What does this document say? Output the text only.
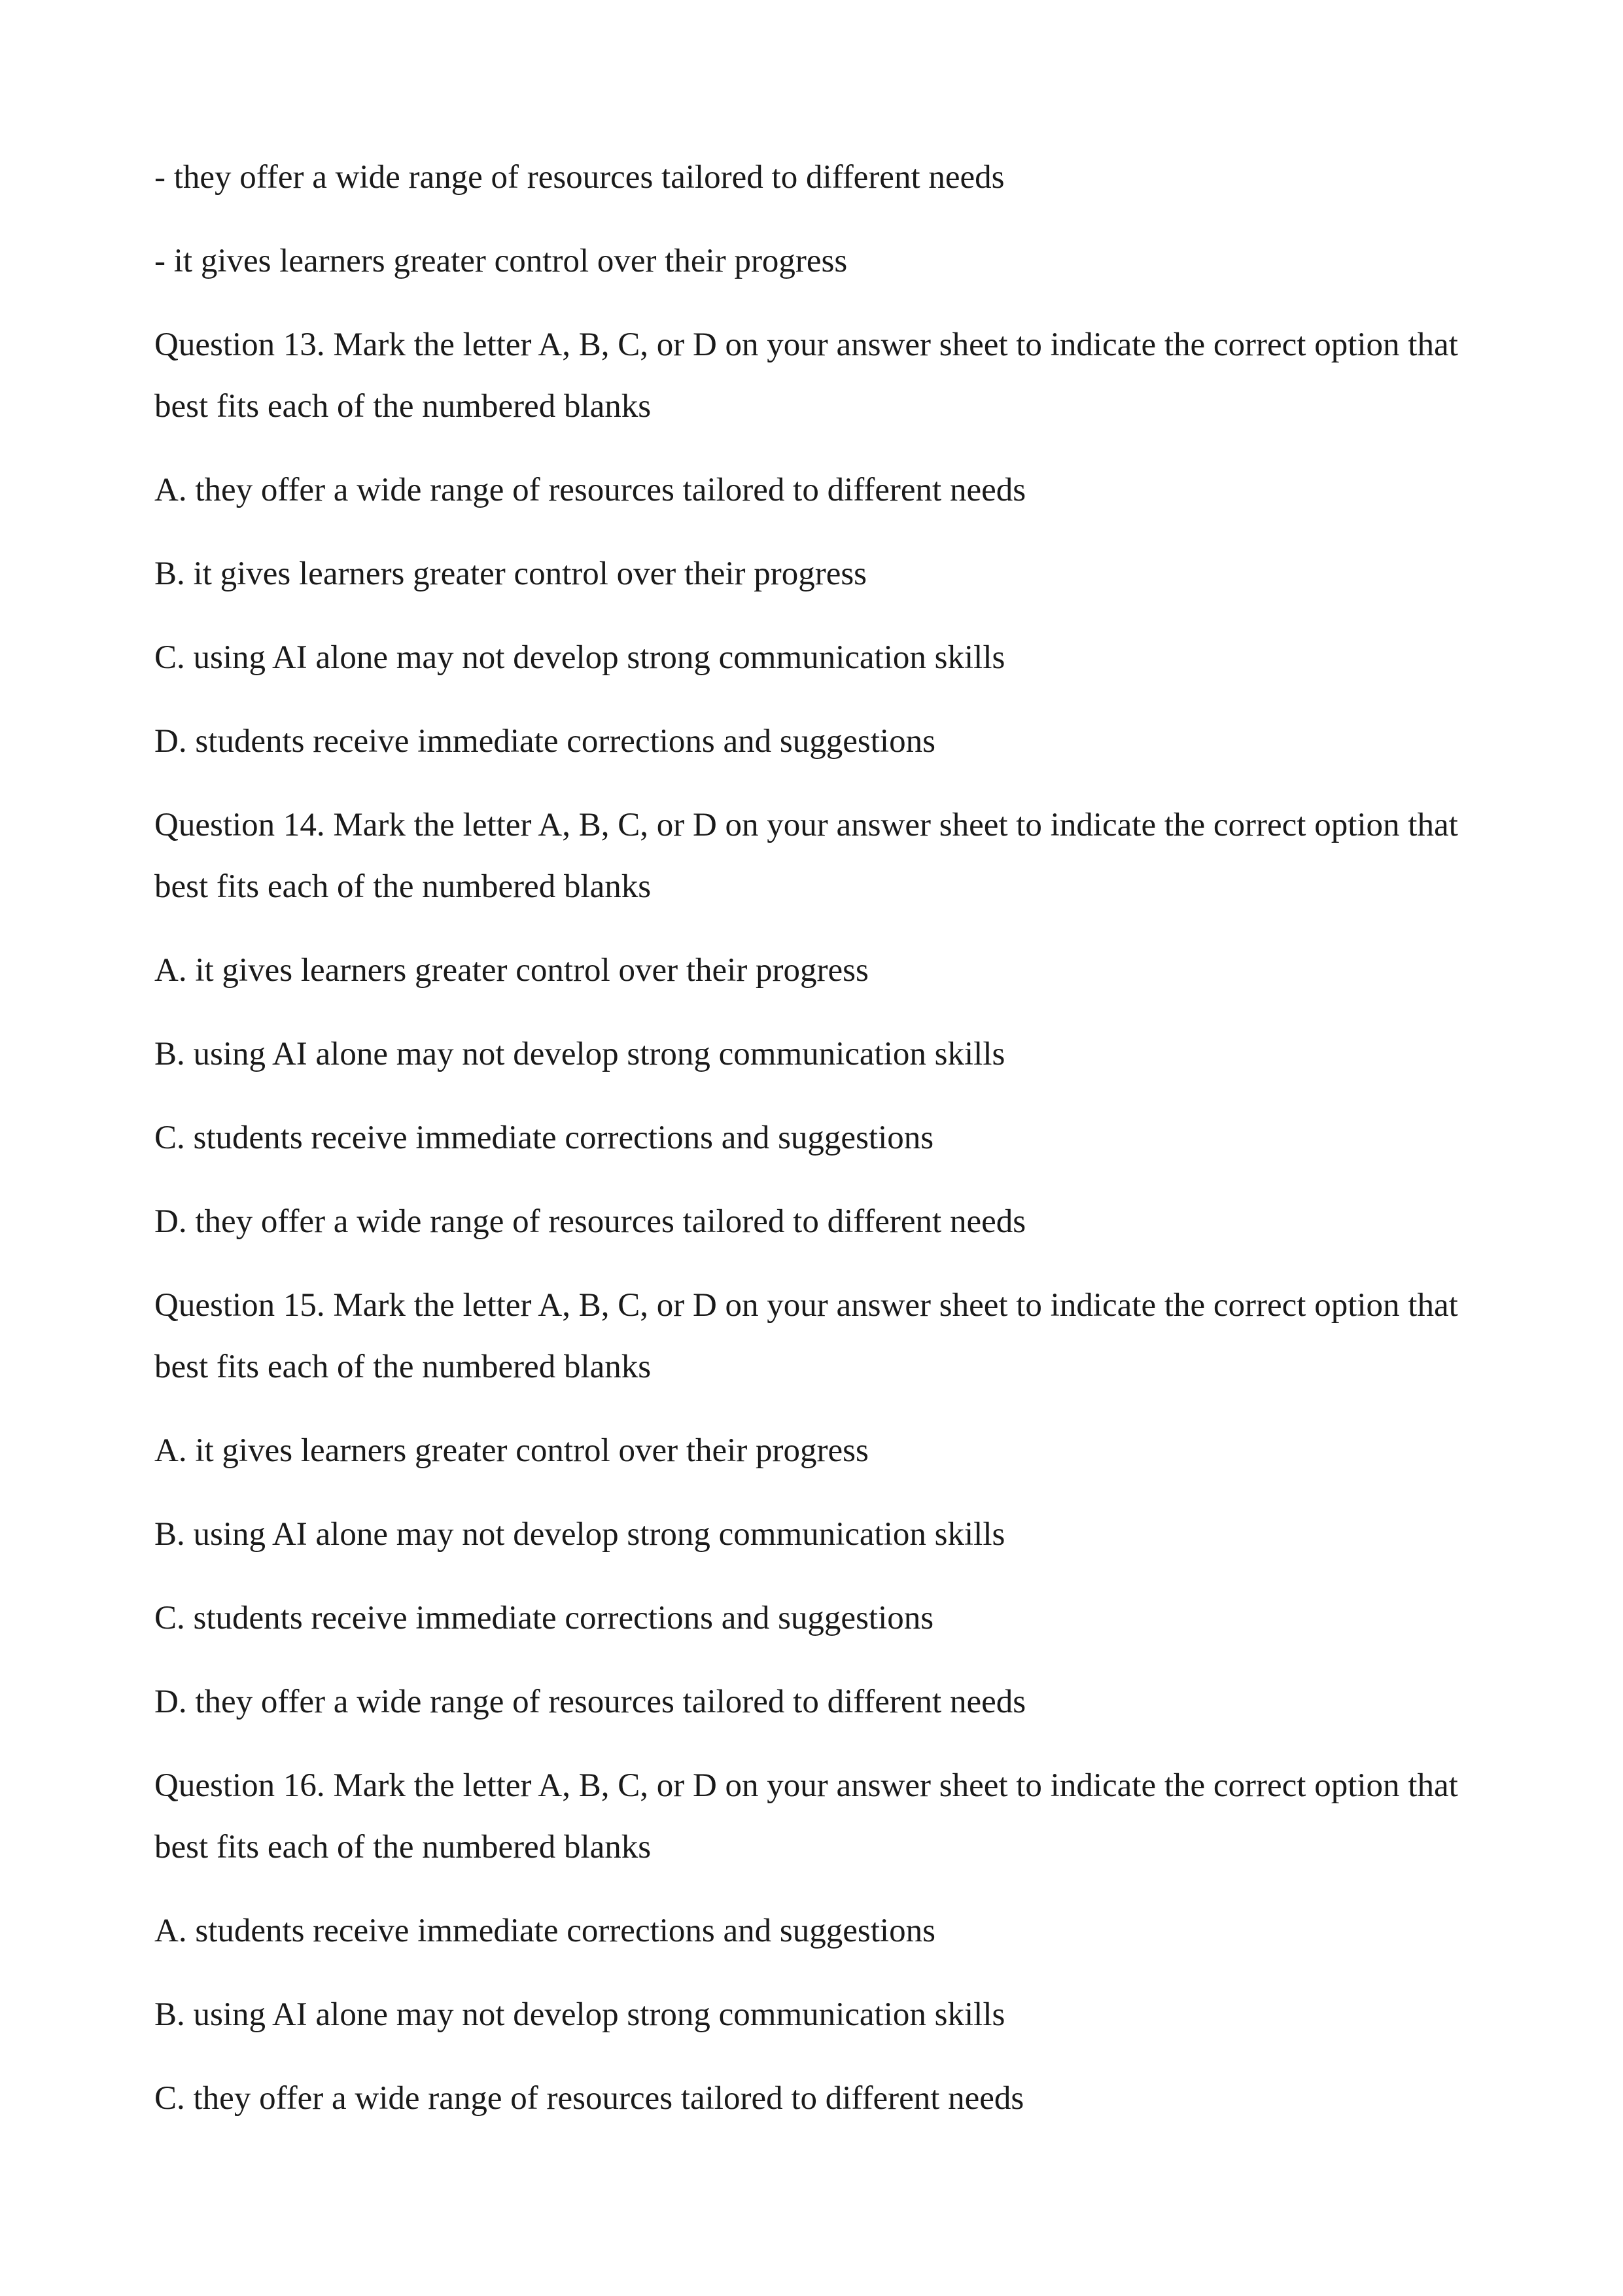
- they offer a wide range of resources tailored to different needs

- it gives learners greater control over their progress

Question 13. Mark the letter A, B, C, or D on your answer sheet to indicate the correct option that best fits each of the numbered blanks

A. they offer a wide range of resources tailored to different needs

B. it gives learners greater control over their progress

C. using AI alone may not develop strong communication skills

D. students receive immediate corrections and suggestions

Question 14. Mark the letter A, B, C, or D on your answer sheet to indicate the correct option that best fits each of the numbered blanks

A. it gives learners greater control over their progress

B. using AI alone may not develop strong communication skills

C. students receive immediate corrections and suggestions

D. they offer a wide range of resources tailored to different needs

Question 15. Mark the letter A, B, C, or D on your answer sheet to indicate the correct option that best fits each of the numbered blanks

A. it gives learners greater control over their progress

B. using AI alone may not develop strong communication skills

C. students receive immediate corrections and suggestions

D. they offer a wide range of resources tailored to different needs

Question 16. Mark the letter A, B, C, or D on your answer sheet to indicate the correct option that best fits each of the numbered blanks

A. students receive immediate corrections and suggestions

B. using AI alone may not develop strong communication skills

C. they offer a wide range of resources tailored to different needs
